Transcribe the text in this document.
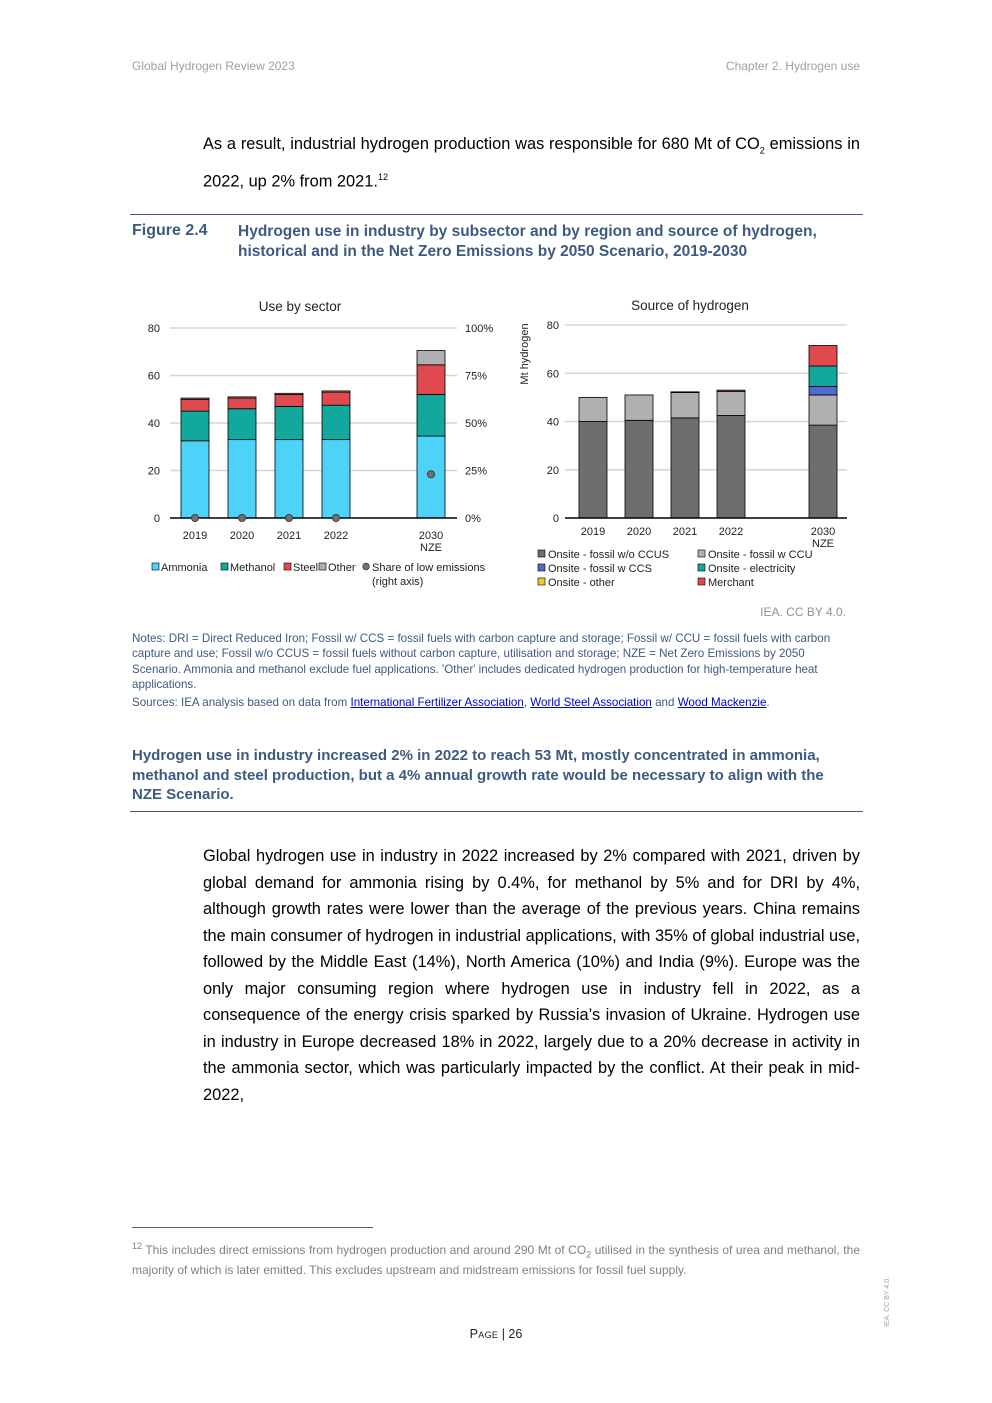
Global Hydrogen Review 2023	Chapter 2. Hydrogen use

As a result, industrial hydrogen production was responsible for 680 Mt of $CO_2$ emissions in 2022, up 2% from 2021.12

Figure 2.4 Hydrogen use in industry by subsector and by region and source of hydrogen, historical and in the Net Zero Emissions by 2050 Scenario, 2019-2030
Use by sector
0	0%
20	25%
40	50%
60	75%
80	100%
2019 2020 2021 2022	2030
NZE
Ammonia Methanol Steel Other Share of low emissions
(right axis)
Source of hydrogen
Mt hydrogen
0
20
40
60
80
2019 2020 2021 2022	2030
NZE
Onsite - fossil w/o CCUS	Onsite - fossil w CCU
Onsite - fossil w CCS	Onsite - electricity
Onsite - other	Merchant
IEA. CC BY 4.0.

Notes: DRI = Direct Reduced Iron; Fossil w/ CCS = fossil fuels with carbon capture and storage; Fossil w/ CCU = fossil fuels with carbon capture and use; Fossil w/o CCUS = fossil fuels without carbon capture, utilisation and storage; NZE = Net Zero Emissions by 2050 Scenario. Ammonia and methanol exclude fuel applications. 'Other' includes dedicated hydrogen production for high-temperature heat applications.

Sources: IEA analysis based on data from International Fertilizer Association, World Steel Association and Wood Mackenzie.

Hydrogen use in industry increased 2% in 2022 to reach 53 Mt, mostly concentrated in ammonia, methanol and steel production, but a 4% annual growth rate would be necessary to align with the NZE Scenario.

Global hydrogen use in industry in 2022 increased by 2% compared with 2021, driven by global demand for ammonia rising by 0.4%, for methanol by 5% and for DRI by 4%, although growth rates were lower than the average of the previous years. China remains the main consumer of hydrogen in industrial applications, with 35% of global industrial use, followed by the Middle East (14%), North America (10%) and India (9%). Europe was the only major consuming region where hydrogen use in industry fell in 2022, as a consequence of the energy crisis sparked by Russia’s invasion of Ukraine. Hydrogen use in industry in Europe decreased 18% in 2022, largely due to a 20% decrease in activity in the ammonia sector, which was particularly impacted by the conflict. At their peak in mid-2022,

$^{12}$ This includes direct emissions from hydrogen production and around 290 Mt of $CO_2$ utilised in the synthesis of urea and methanol, the majority of which is later emitted. This excludes upstream and midstream emissions for fossil fuel supply.

Page | 26
IEA. CC BY 4.0.
